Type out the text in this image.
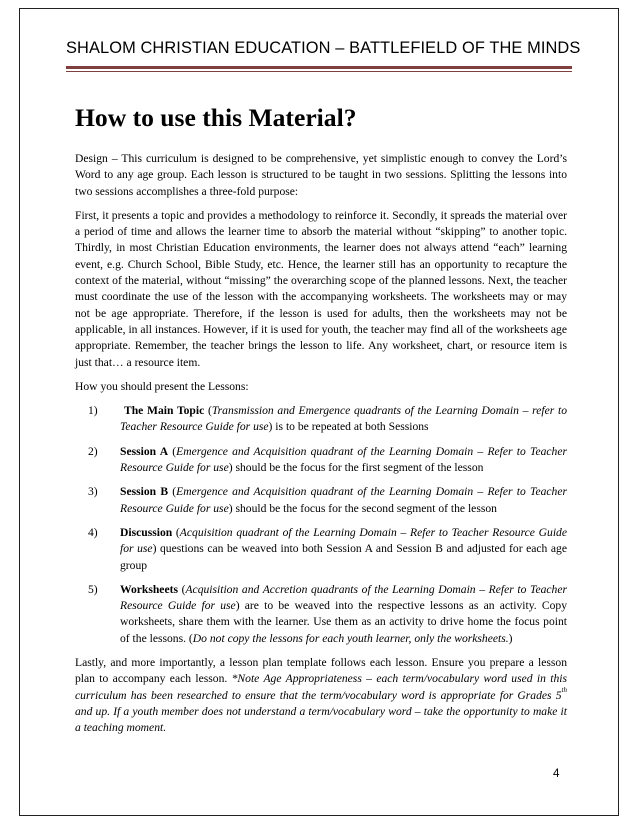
SHALOM CHRISTIAN EDUCATION – BATTLEFIELD OF THE MINDS
How to use this Material?

Design – This curriculum is designed to be comprehensive, yet simplistic enough to convey the Lord’s Word to any age group. Each lesson is structured to be taught in two sessions. Splitting the lessons into two sessions accomplishes a three-fold purpose:

First, it presents a topic and provides a methodology to reinforce it. Secondly, it spreads the material over a period of time and allows the learner time to absorb the material without “skipping” to another topic. Thirdly, in most Christian Education environments, the learner does not always attend “each” learning event, e.g. Church School, Bible Study, etc. Hence, the learner still has an opportunity to recapture the context of the material, without “missing” the overarching scope of the planned lessons. Next, the teacher must coordinate the use of the lesson with the accompanying worksheets. The worksheets may or may not be age appropriate. Therefore, if the lesson is used for adults, then the worksheets may not be applicable, in all instances. However, if it is used for youth, the teacher may find all of the worksheets age appropriate. Remember, the teacher brings the lesson to life. Any worksheet, chart, or resource item is just that… a resource item.

How you should present the Lessons:

1) The Main Topic (Transmission and Emergence quadrants of the Learning Domain – refer to Teacher Resource Guide for use) is to be repeated at both Sessions
2) Session A (Emergence and Acquisition quadrant of the Learning Domain – Refer to Teacher Resource Guide for use) should be the focus for the first segment of the lesson
3) Session B (Emergence and Acquisition quadrant of the Learning Domain – Refer to Teacher Resource Guide for use) should be the focus for the second segment of the lesson
4) Discussion (Acquisition quadrant of the Learning Domain – Refer to Teacher Resource Guide for use) questions can be weaved into both Session A and Session B and adjusted for each age group
5) Worksheets (Acquisition and Accretion quadrants of the Learning Domain – Refer to Teacher Resource Guide for use) are to be weaved into the respective lessons as an activity. Copy worksheets, share them with the learner. Use them as an activity to drive home the focus point of the lessons. (Do not copy the lessons for each youth learner, only the worksheets.)

Lastly, and more importantly, a lesson plan template follows each lesson. Ensure you prepare a lesson plan to accompany each lesson. *Note Age Appropriateness – each term/vocabulary word used in this curriculum has been researched to ensure that the term/vocabulary word is appropriate for Grades 5th and up. If a youth member does not understand a term/vocabulary word – take the opportunity to make it a teaching moment.

4
